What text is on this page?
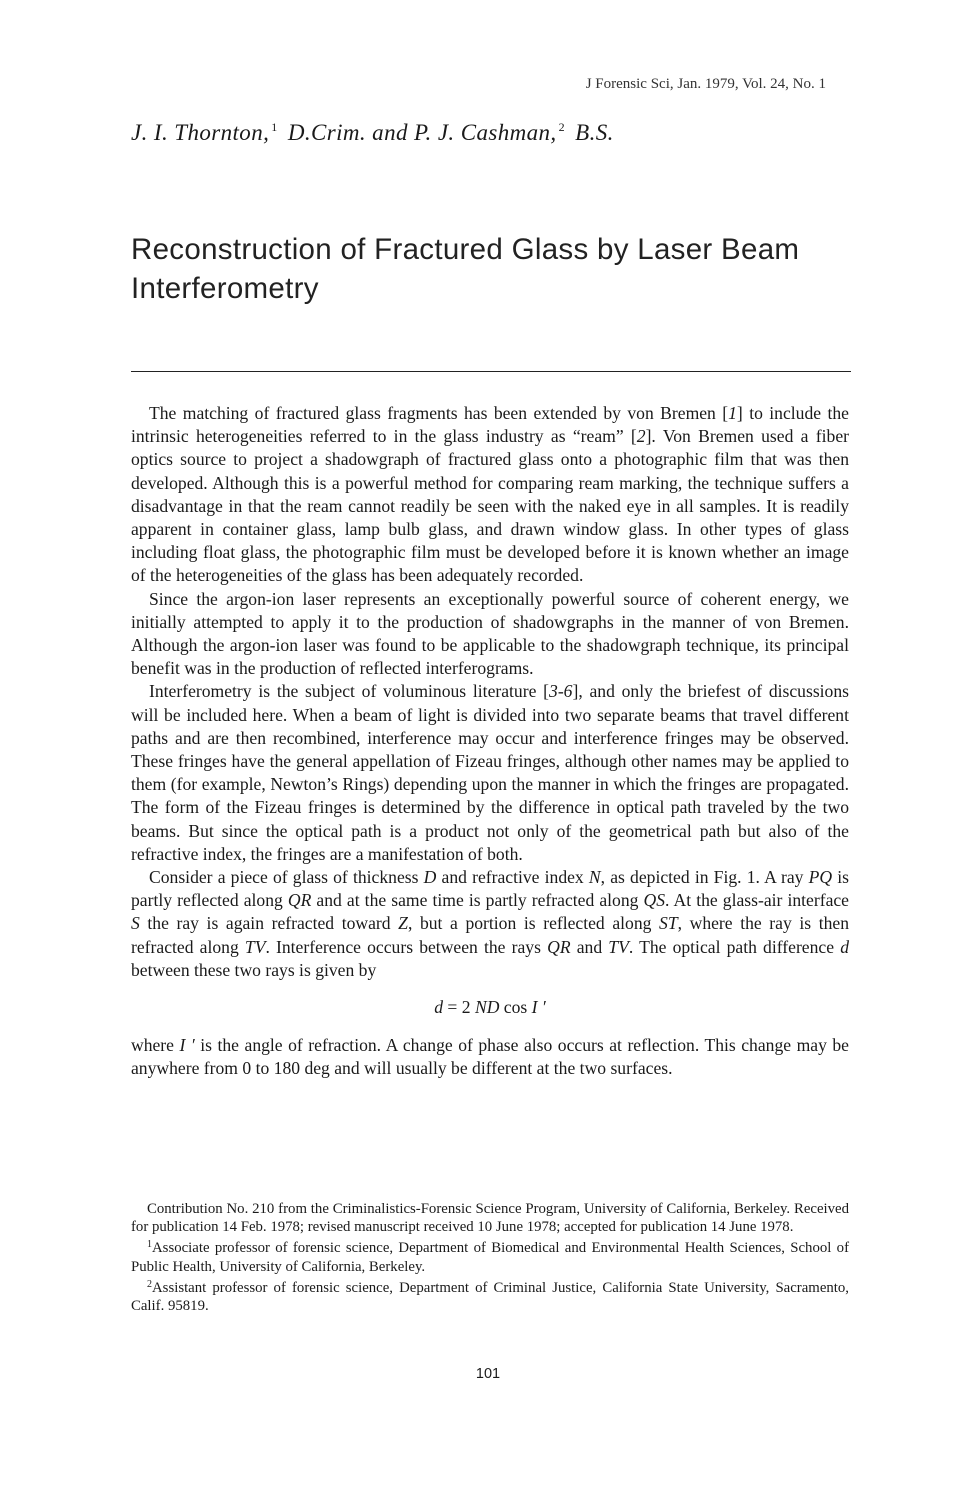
J Forensic Sci, Jan. 1979, Vol. 24, No. 1
J. I. Thornton, $^1$ D.Crim. and P. J. Cashman, $^2$ B.S.
Reconstruction of Fractured Glass by Laser Beam Interferometry

The matching of fractured glass fragments has been extended by von Bremen [1] to include the intrinsic heterogeneities referred to in the glass industry as “ream” [2]. Von Bremen used a fiber optics source to project a shadowgraph of fractured glass onto a photographic film that was then developed. Although this is a powerful method for comparing ream marking, the technique suffers a disadvantage in that the ream cannot readily be seen with the naked eye in all samples. It is readily apparent in container glass, lamp bulb glass, and drawn window glass. In other types of glass including float glass, the photographic film must be developed before it is known whether an image of the heterogeneities of the glass has been adequately recorded.

Since the argon-ion laser represents an exceptionally powerful source of coherent energy, we initially attempted to apply it to the production of shadowgraphs in the manner of von Bremen. Although the argon-ion laser was found to be applicable to the shadowgraph technique, its principal benefit was in the production of reflected interferograms.

Interferometry is the subject of voluminous literature [3-6], and only the briefest of discussions will be included here. When a beam of light is divided into two separate beams that travel different paths and are then recombined, interference may occur and interference fringes may be observed. These fringes have the general appellation of Fizeau fringes, although other names may be applied to them (for example, Newton’s Rings) depending upon the manner in which the fringes are propagated. The form of the Fizeau fringes is determined by the difference in optical path traveled by the two beams. But since the optical path is a product not only of the geometrical path but also of the refractive index, the fringes are a manifestation of both.

Consider a piece of glass of thickness D and refractive index N, as depicted in Fig. 1. A ray PQ is partly reflected along QR and at the same time is partly refracted along QS. At the glass-air interface S the ray is again refracted toward Z, but a portion is reflected along ST, where the ray is then refracted along TV. Interference occurs between the rays QR and TV. The optical path difference d between these two rays is given by

d = 2 ND cos I ′

where I ′ is the angle of refraction. A change of phase also occurs at reflection. This change may be anywhere from 0 to 180 deg and will usually be different at the two surfaces.

Contribution No. 210 from the Criminalistics-Forensic Science Program, University of California, Berkeley. Received for publication 14 Feb. 1978; revised manuscript received 10 June 1978; accepted for publication 14 June 1978.

$^1$Associate professor of forensic science, Department of Biomedical and Environmental Health Sciences, School of Public Health, University of California, Berkeley.

$^2$Assistant professor of forensic science, Department of Criminal Justice, California State University, Sacramento, Calif. 95819.

101
